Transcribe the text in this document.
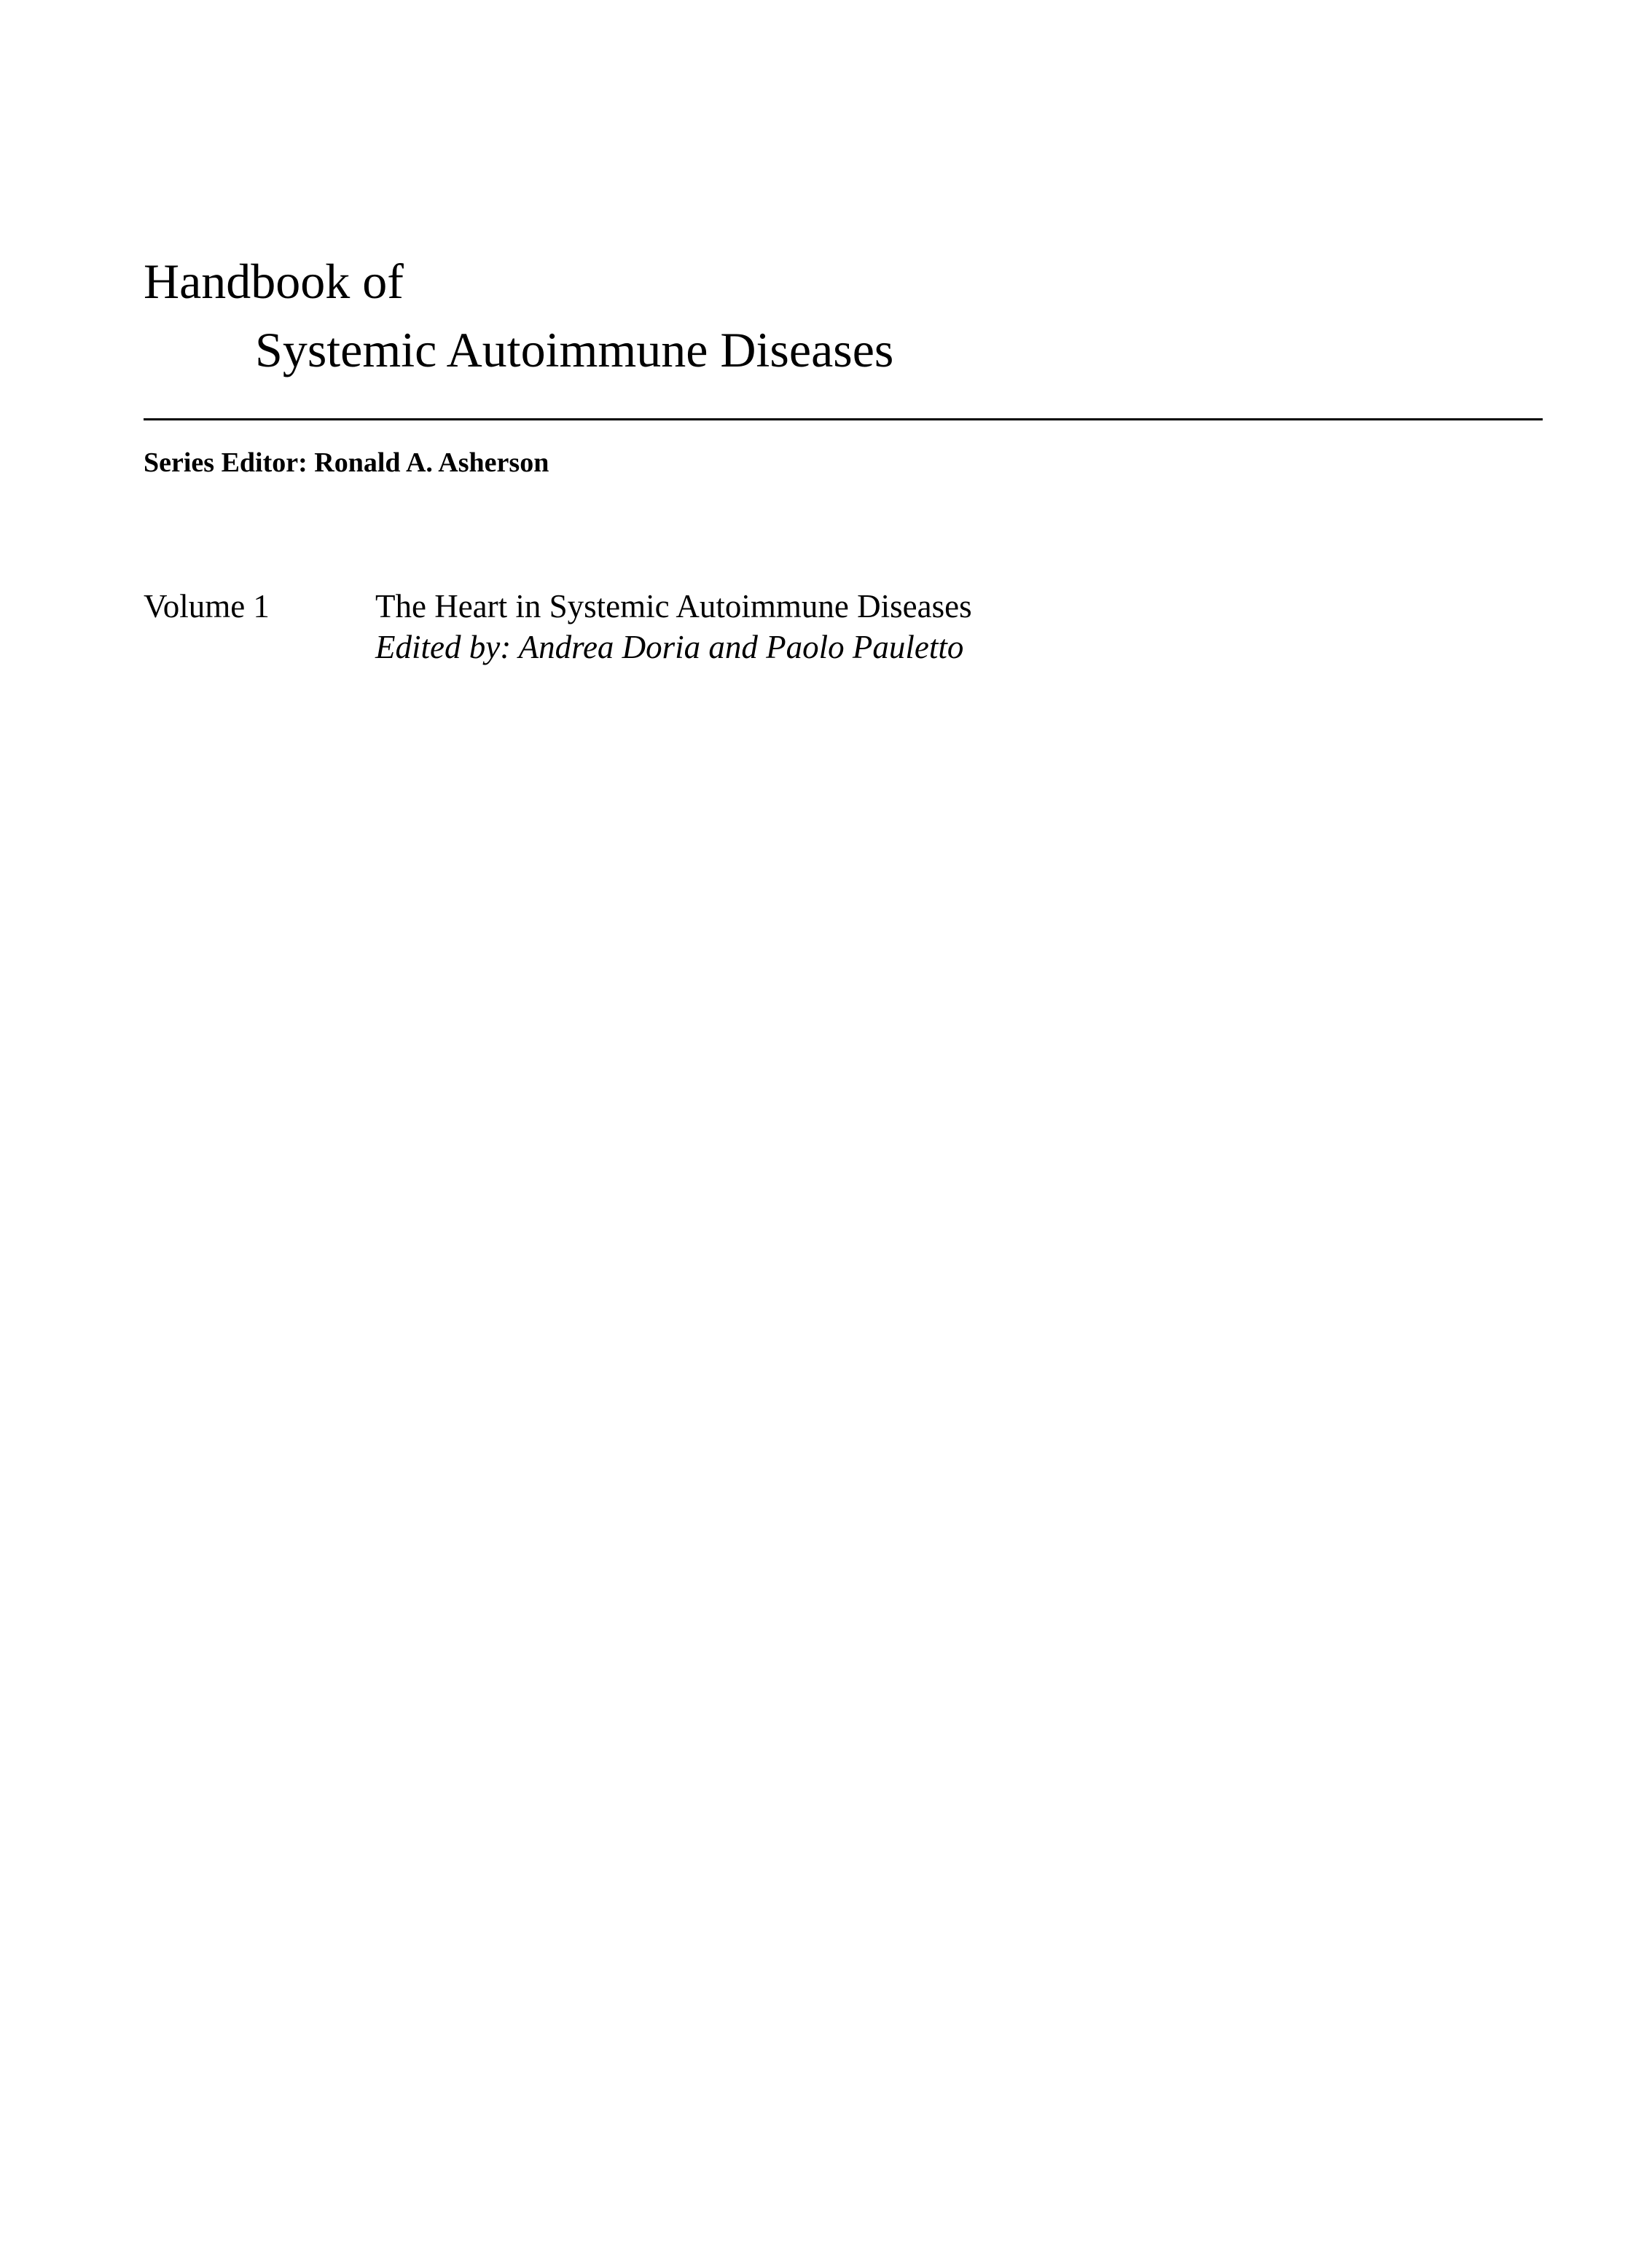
Handbook of
Systemic Autoimmune Diseases
Series Editor: Ronald A. Asherson
Volume 1	The Heart in Systemic Autoimmune Diseases
Edited by: Andrea Doria and Paolo Pauletto
